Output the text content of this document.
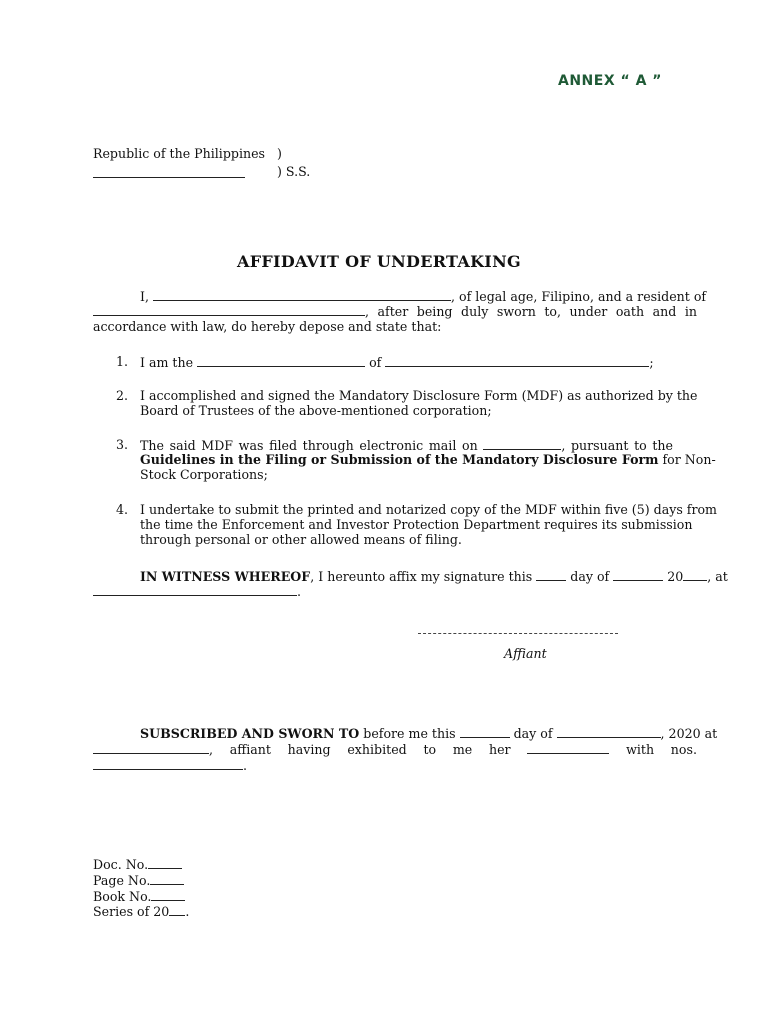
ANNEX “ A ”
Republic of the Philippines )
) S.S.
AFFIDAVIT OF UNDERTAKING
I,	, of legal age, Filipino, and a resident of
, after being duly sworn to, under oath and in
accordance with law, do hereby depose and state that:
1. I am the	of	;
2. I accomplished and signed the Mandatory Disclosure Form (MDF) as authorized by the
Board of Trustees of the above-mentioned corporation;
3. The said MDF was filed through electronic mail on	, pursuant to the
Guidelines in the Filing or Submission of the Mandatory Disclosure Form for Non-
Stock Corporations;
4. I undertake to submit the printed and notarized copy of the MDF within five (5) days from
the time the Enforcement and Investor Protection Department requires its submission
through personal or other allowed means of filing.
IN WITNESS WHEREOF, I hereunto affix my signature this	day of	20 , at
.
Affiant
SUBSCRIBED AND SWORN TO before me this	day of	, 2020 at
, affiant having exhibited to me her	with nos.
.
Doc. No.
Page No.
Book No.
Series of 20 .
